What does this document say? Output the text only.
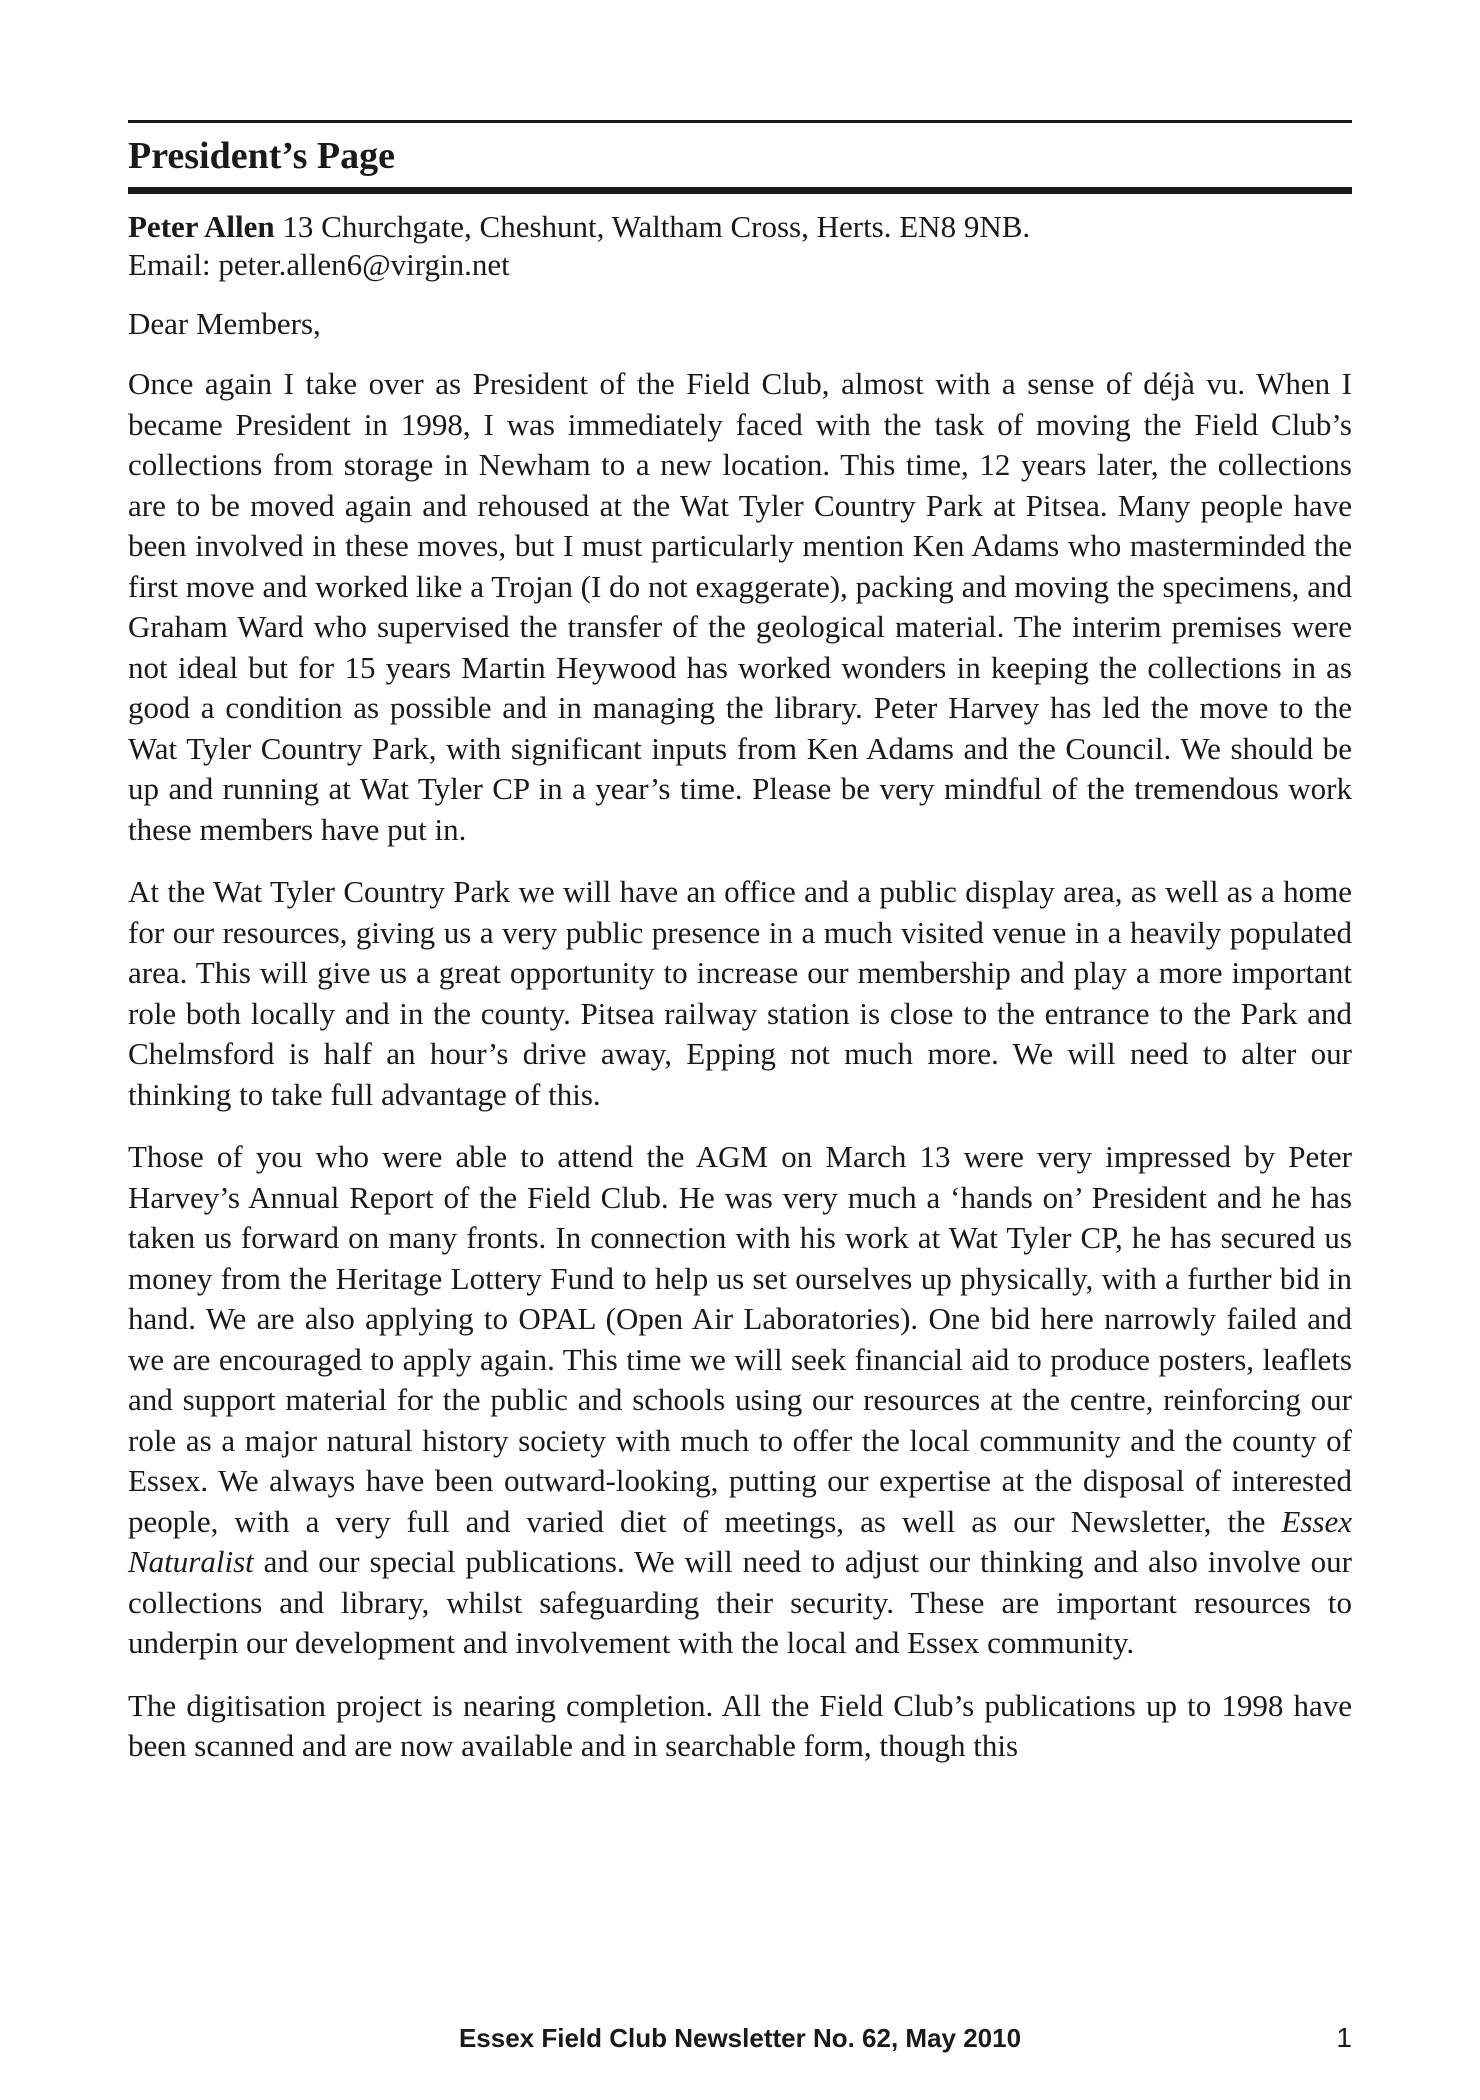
President’s Page
Peter Allen 13 Churchgate, Cheshunt, Waltham Cross, Herts. EN8 9NB.
Email: peter.allen6@virgin.net

Dear Members,

Once again I take over as President of the Field Club, almost with a sense of déjà vu. When I became President in 1998, I was immediately faced with the task of moving the Field Club’s collections from storage in Newham to a new location. This time, 12 years later, the collections are to be moved again and rehoused at the Wat Tyler Country Park at Pitsea. Many people have been involved in these moves, but I must particularly mention Ken Adams who masterminded the first move and worked like a Trojan (I do not exaggerate), packing and moving the specimens, and Graham Ward who supervised the transfer of the geological material. The interim premises were not ideal but for 15 years Martin Heywood has worked wonders in keeping the collections in as good a condition as possible and in managing the library. Peter Harvey has led the move to the Wat Tyler Country Park, with significant inputs from Ken Adams and the Council. We should be up and running at Wat Tyler CP in a year’s time. Please be very mindful of the tremendous work these members have put in.

At the Wat Tyler Country Park we will have an office and a public display area, as well as a home for our resources, giving us a very public presence in a much visited venue in a heavily populated area. This will give us a great opportunity to increase our membership and play a more important role both locally and in the county. Pitsea railway station is close to the entrance to the Park and Chelmsford is half an hour’s drive away, Epping not much more. We will need to alter our thinking to take full advantage of this.

Those of you who were able to attend the AGM on March 13 were very impressed by Peter Harvey’s Annual Report of the Field Club. He was very much a ‘hands on’ President and he has taken us forward on many fronts. In connection with his work at Wat Tyler CP, he has secured us money from the Heritage Lottery Fund to help us set ourselves up physically, with a further bid in hand. We are also applying to OPAL (Open Air Laboratories). One bid here narrowly failed and we are encouraged to apply again. This time we will seek financial aid to produce posters, leaflets and support material for the public and schools using our resources at the centre, reinforcing our role as a major natural history society with much to offer the local community and the county of Essex. We always have been outward-looking, putting our expertise at the disposal of interested people, with a very full and varied diet of meetings, as well as our Newsletter, the Essex Naturalist and our special publications. We will need to adjust our thinking and also involve our collections and library, whilst safeguarding their security. These are important resources to underpin our development and involvement with the local and Essex community.

The digitisation project is nearing completion. All the Field Club’s publications up to 1998 have been scanned and are now available and in searchable form, though this

Essex Field Club Newsletter No. 62, May 2010	1
